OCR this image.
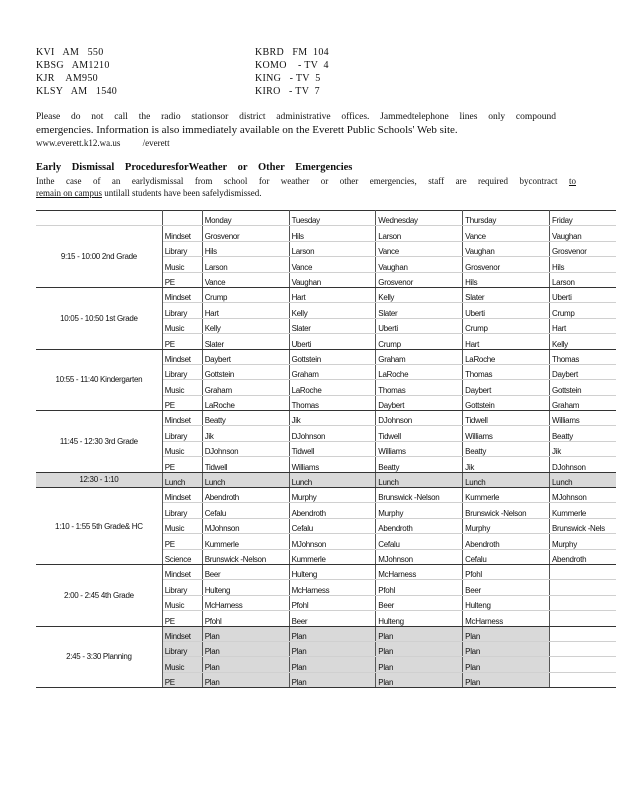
KVI   AM   550
KBSG   AM1210
KJR    AM950
KLSY   AM   1540
KBRD   FM  104
KOMO    - TV  4
KING   - TV  5
KIRO   - TV  7
Please do not call the radio stationsor district administrative offices. Jammedtelephone lines only compound
emergencies. Information is also immediately available on the Everett Public Schools' Web site.
www.everett.k12.wa.us /everett
Early Dismissal ProceduresforWeather or Other Emergencies
Inthe case of an earlydismissal from school for weather or other emergencies, staff are required bycontract to
remain on campus untilall students have been safelydismissed.
		Monday	Tuesday	Wednesday	Thursday	Friday
9:15 - 10:00 2nd Grade	Mindset	Grosvenor	Hils	Larson	Vance	Vaughan
	Library	Hils	Larson	Vance	Vaughan	Grosvenor
	Music	Larson	Vance	Vaughan	Grosvenor	Hils
	PE	Vance	Vaughan	Grosvenor	Hils	Larson
10:05 - 10:50 1st Grade	Mindset	Crump	Hart	Kelly	Slater	Uberti
	Library	Hart	Kelly	Slater	Uberti	Crump
	Music	Kelly	Slater	Uberti	Crump	Hart
	PE	Slater	Uberti	Crump	Hart	Kelly
10:55 - 11:40 Kindergarten	Mindset	Daybert	Gottstein	Graham	LaRoche	Thomas
	Library	Gottstein	Graham	LaRoche	Thomas	Daybert
	Music	Graham	LaRoche	Thomas	Daybert	Gottstein
	PE	LaRoche	Thomas	Daybert	Gottstein	Graham
11:45 - 12:30 3rd Grade	Mindset	Beatty	Jik	DJohnson	Tidwell	Williams
	Library	Jik	DJohnson	Tidwell	Williams	Beatty
	Music	DJohnson	Tidwell	Williams	Beatty	Jik
	PE	Tidwell	Williams	Beatty	Jik	DJohnson
12:30 - 1:10	Lunch	Lunch	Lunch	Lunch	Lunch	Lunch
1:10 - 1:55 5th Grade& HC	Mindset	Abendroth	Murphy	Brunswick -Nelson	Kummerle	MJohnson
	Library	Cefalu	Abendroth	Murphy	Brunswick -Nelson	Kummerle
	Music	MJohnson	Cefalu	Abendroth	Murphy	Brunswick -Nels
	PE	Kummerle	MJohnson	Cefalu	Abendroth	Murphy
	Science	Brunswick -Nelson	Kummerle	MJohnson	Cefalu	Abendroth
2:00 - 2:45 4th Grade	Mindset	Beer	Hulteng	McHarness	Pfohl	
	Library	Hulteng	McHarness	Pfohl	Beer	
	Music	McHarness	Pfohl	Beer	Hulteng	
	PE	Pfohl	Beer	Hulteng	McHarness	
2:45 - 3:30 Planning	Mindset	Plan	Plan	Plan	Plan	
	Library	Plan	Plan	Plan	Plan	
	Music	Plan	Plan	Plan	Plan	
	PE	Plan	Plan	Plan	Plan	
